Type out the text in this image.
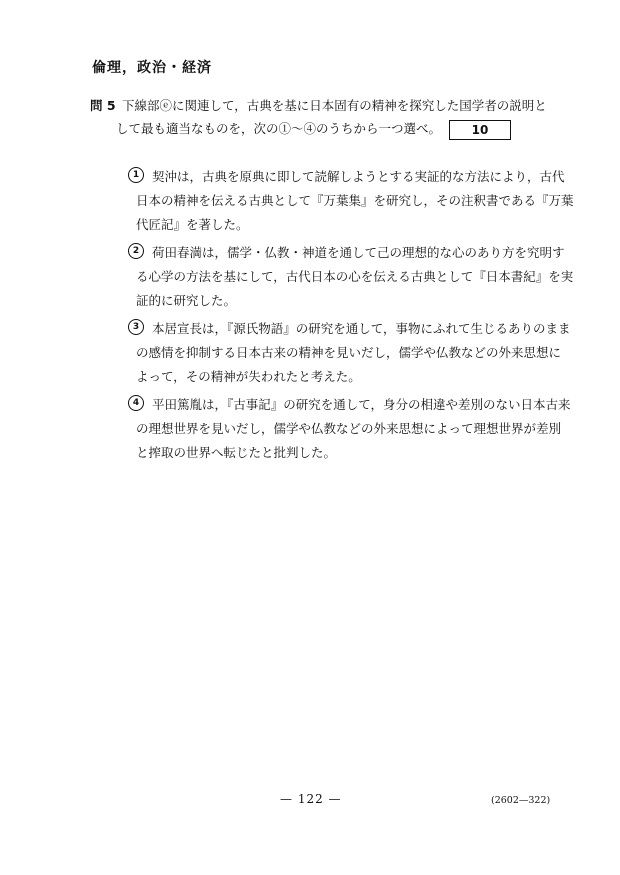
倫理，政治・経済
問 5 下線部ⓔに関連して，古典を基に日本固有の精神を探究した国学者の説明と
して最も適当なものを，次の①～④のうちから一つ選べ。	10
1	契沖は，古典を原典に即して読解しようとする実証的な方法により，古代
日本の精神を伝える古典として『万葉集』を研究し，その注釈書である『万葉
代匠記』を著した。
2	荷田春満は，儒学・仏教・神道を通して己の理想的な心のあり方を究明す
る心学の方法を基にして，古代日本の心を伝える古典として『日本書紀』を実
証的に研究した。
3	本居宣長は，『源氏物語』の研究を通して，事物にふれて生じるありのまま
の感情を抑制する日本古来の精神を見いだし，儒学や仏教などの外来思想に
よって，その精神が失われたと考えた。
4	平田篤胤は，『古事記』の研究を通して，身分の相違や差別のない日本古来
の理想世界を見いだし，儒学や仏教などの外来思想によって理想世界が差別
と搾取の世界へ転じたと批判した。
— 122 —	(2602—322)
